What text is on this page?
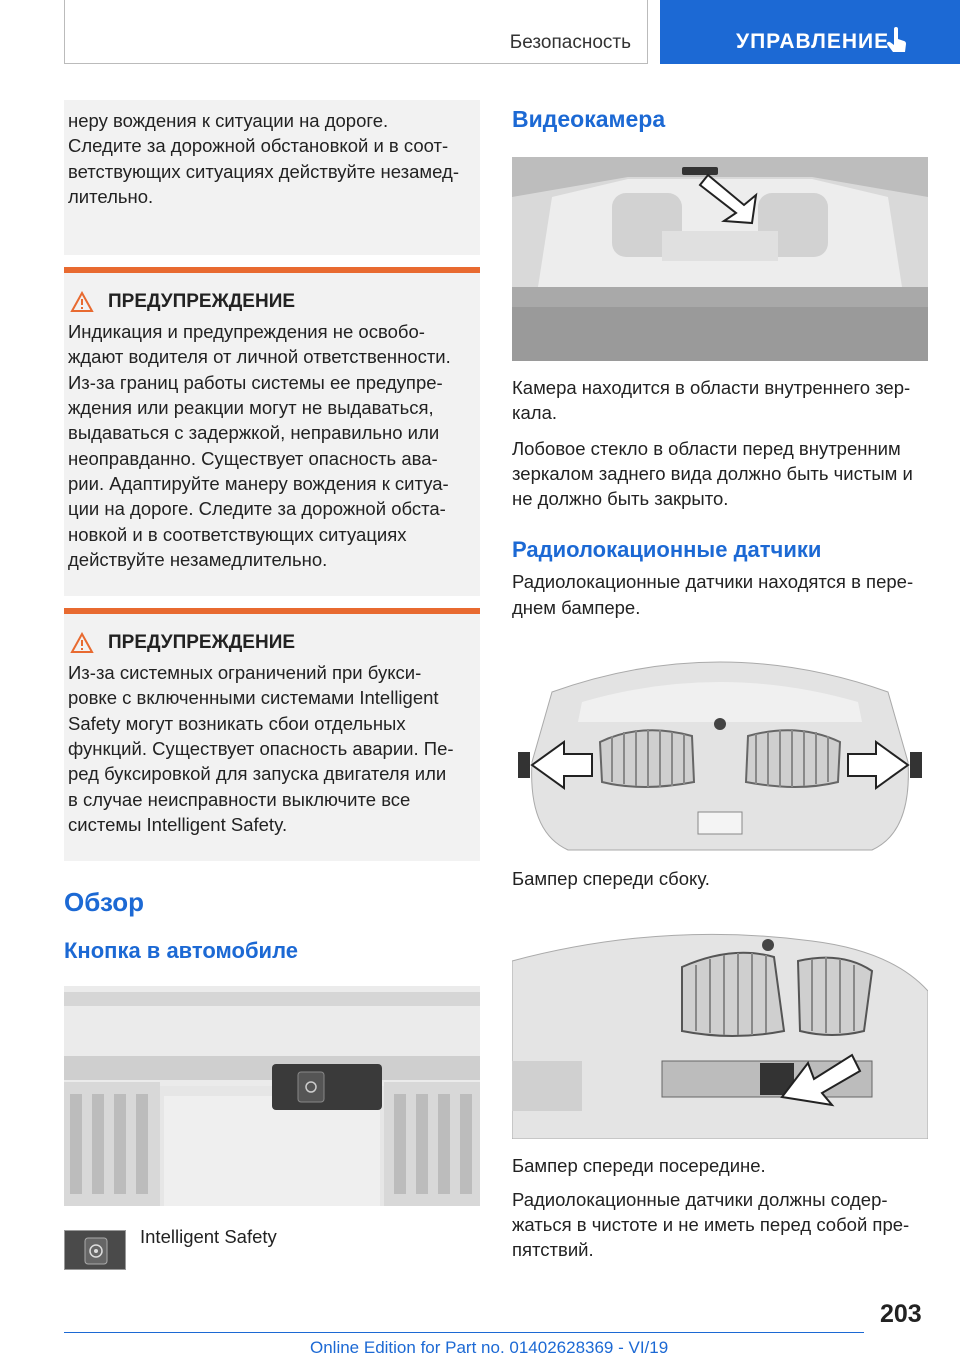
Безопасность	УПРАВЛЕНИЕ

неру вождения к ситуации на дороге.

Следите за дорожной обстановкой и в соот-

ветствующих ситуациях действуйте незамед-

лительно.

ПРЕДУПРЕЖДЕНИЕ

Индикация и предупреждения не освобо-

ждают водителя от личной ответственности.

Из-за границ работы системы ее предупре-

ждения или реакции могут не выдаваться,

выдаваться с задержкой, неправильно или

неоправданно. Существует опасность ава-

рии. Адаптируйте манеру вождения к ситуа-

ции на дороге. Следите за дорожной обста-

новкой и в соответствующих ситуациях

действуйте незамедлительно.

ПРЕДУПРЕЖДЕНИЕ

Из-за системных ограничений при букси-

ровке с включенными системами Intelligent

Safety могут возникать сбои отдельных

функций. Существует опасность аварии. Пе-

ред буксировкой для запуска двигателя или

в случае неисправности выключите все

системы Intelligent Safety.

Обзор
Кнопка в автомобиле

Intelligent Safety

Видеокамера

Камера находится в области внутреннего зер-

кала.

Лобовое стекло в области перед внутренним

зеркалом заднего вида должно быть чистым и

не должно быть закрыто.

Радиолокационные датчики

Радиолокационные датчики находятся в пере-

днем бампере.

Бампер спереди сбоку.

Бампер спереди посередине.

Радиолокационные датчики должны содер-

жаться в чистоте и не иметь перед собой пре-

пятствий.

203
Online Edition for Part no. 01402628369 - VI/19
